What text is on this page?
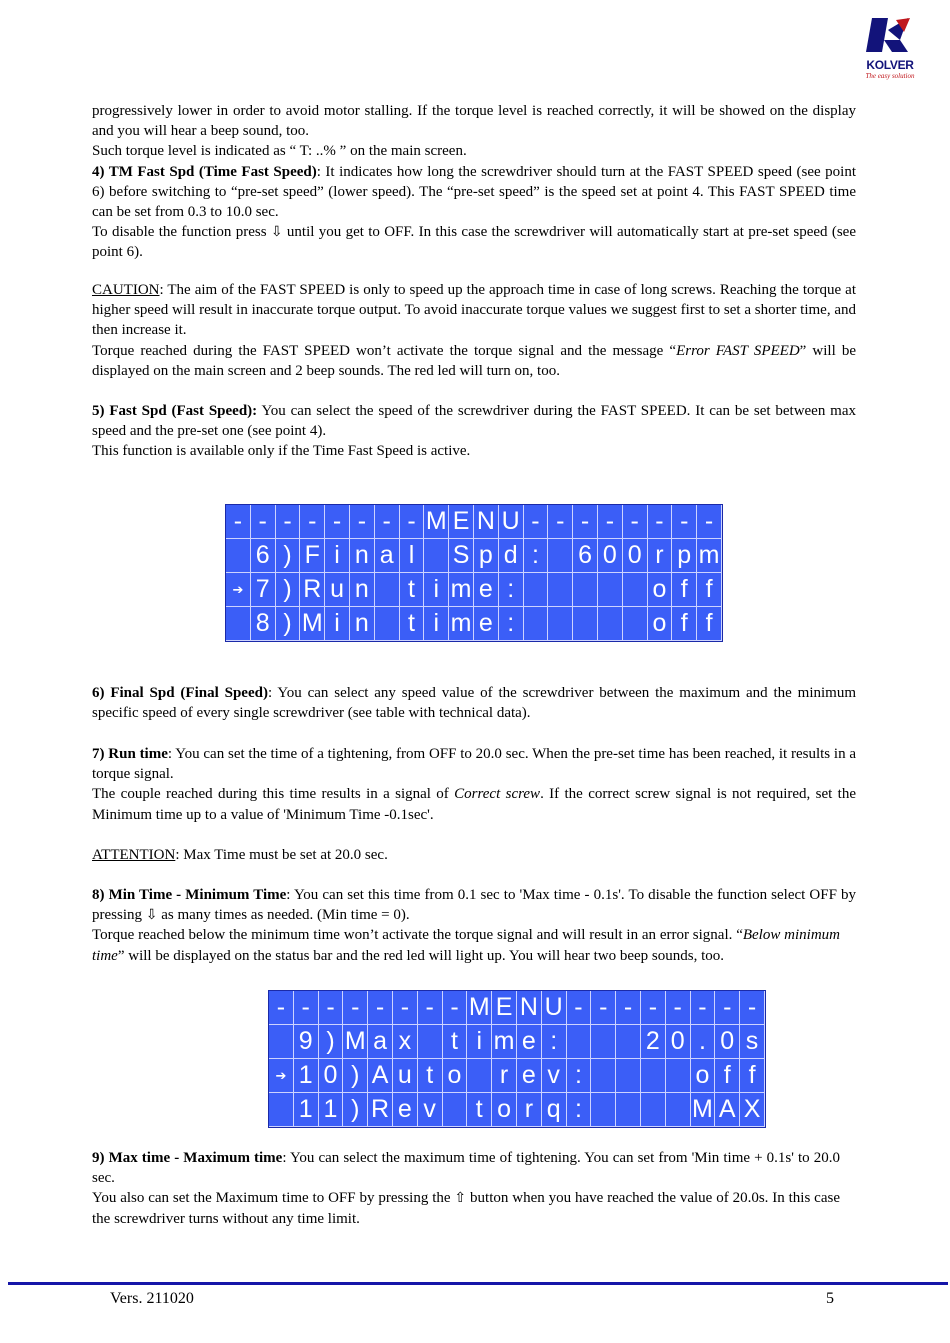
KOLVER
The easy solution

progressively lower in order to avoid motor stalling. If the torque level is reached correctly, it will be showed on the display and you will hear a beep sound, too.

Such torque level is indicated as “ T: ..% ” on the main screen.

4) TM Fast Spd (Time Fast Speed): It indicates how long the screwdriver should turn at the FAST SPEED speed (see point 6) before switching to “pre-set speed” (lower speed). The “pre-set speed” is the speed set at point 4. This FAST SPEED time can be set from 0.3 to 10.0 sec.

To disable the function press ⇩ until you get to OFF. In this case the screwdriver will automatically start at pre-set speed (see point 6).

CAUTION: The aim of the FAST SPEED is only to speed up the approach time in case of long screws. Reaching the torque at higher speed will result in inaccurate torque output. To avoid inaccurate torque values we suggest first to set a shorter time, and then increase it.

Torque reached during the FAST SPEED won’t activate the torque signal and the message “Error FAST SPEED” will be displayed on the main screen and 2 beep sounds. The red led will turn on, too.

5) Fast Spd (Fast Speed): You can select the speed of the screwdriver during the FAST SPEED. It can be set between max speed and the pre-set one (see point 4).

This function is available only if the Time Fast Speed is active.

- - - - - - - - M E N U - - - - - - - -
6 ) F i n a l	S p d :	6 0 0 r p m
➔ 7 ) R u n	t i m e :	o f f
8 ) M i n	t i m e :	o f f

6) Final Spd (Final Speed): You can select any speed value of the screwdriver between the maximum and the minimum specific speed of every single screwdriver (see table with technical data).

7) Run time: You can set the time of a tightening, from OFF to 20.0 sec. When the pre-set time has been reached, it results in a torque signal.

The couple reached during this time results in a signal of Correct screw. If the correct screw signal is not required, set the Minimum time up to a value of 'Minimum Time -0.1sec'.

ATTENTION: Max Time must be set at 20.0 sec.

8) Min Time - Minimum Time: You can set this time from 0.1 sec to 'Max time - 0.1s'. To disable the function select OFF by pressing ⇩ as many times as needed. (Min time = 0).

Torque reached below the minimum time won’t activate the torque signal and will result in an error signal. “Below minimum time” will be displayed on the status bar and the red led will light up. You will hear two beep sounds, too.

- - - - - - - - M E N U - - - - - - - -
9 ) M a x	t i m e :	2 0 . 0 s
➔ 1 0 ) A u t o	r e v :	o f f
1 1 ) R e v	t o r q :	M A X

9) Max time - Maximum time: You can select the maximum time of tightening. You can set from 'Min time + 0.1s' to 20.0 sec.

You also can set the Maximum time to OFF by pressing the ⇧ button when you have reached the value of 20.0s. In this case the screwdriver turns without any time limit.

Vers. 211020	5
